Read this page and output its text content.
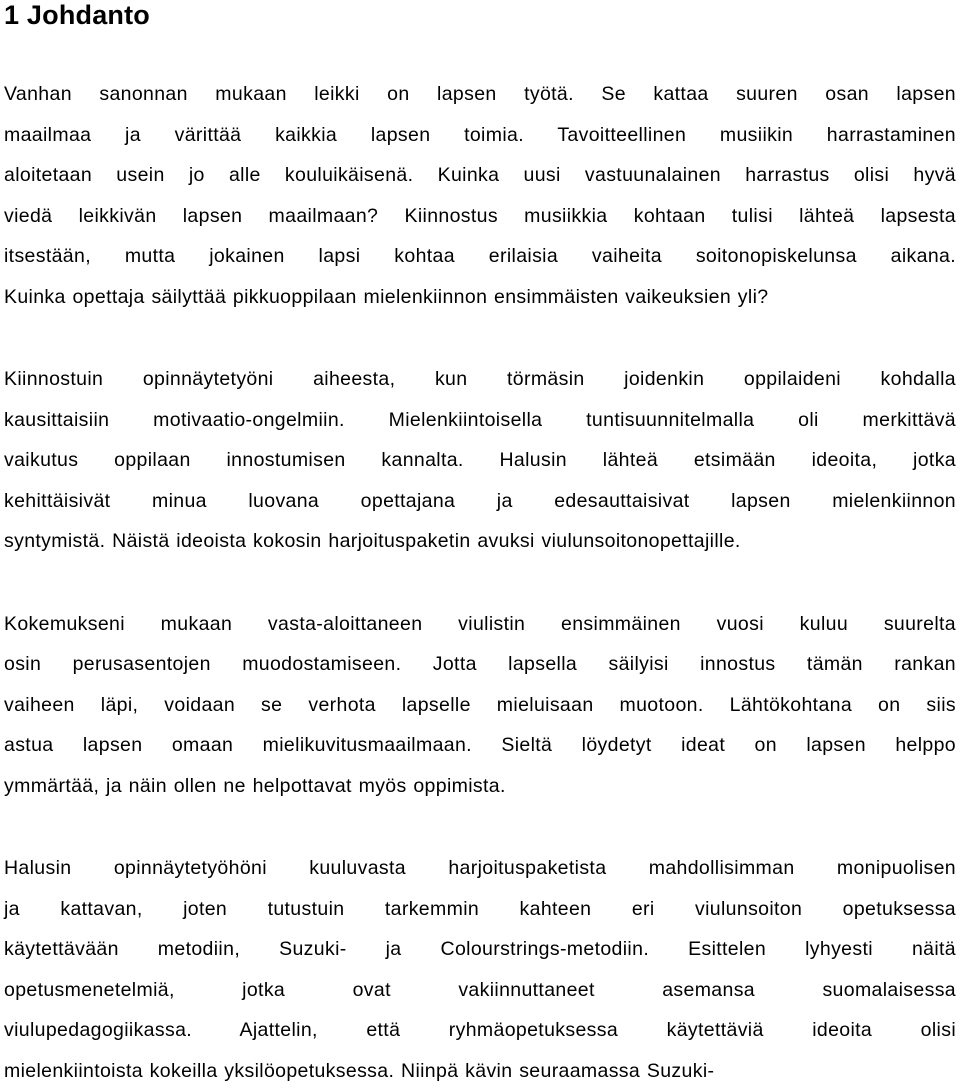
1 Johdanto

Vanhan sanonnan mukaan leikki on lapsen työtä. Se kattaa suuren osan lapsen
maailmaa ja värittää kaikkia lapsen toimia. Tavoitteellinen musiikin harrastaminen
aloitetaan usein jo alle kouluikäisenä. Kuinka uusi vastuunalainen harrastus olisi hyvä
viedä leikkivän lapsen maailmaan? Kiinnostus musiikkia kohtaan tulisi lähteä lapsesta
itsestään, mutta jokainen lapsi kohtaa erilaisia vaiheita soitonopiskelunsa aikana.
Kuinka opettaja säilyttää pikkuoppilaan mielenkiinnon ensimmäisten vaikeuksien yli?

Kiinnostuin opinnäytetyöni aiheesta, kun törmäsin joidenkin oppilaideni kohdalla
kausittaisiin motivaatio-ongelmiin. Mielenkiintoisella tuntisuunnitelmalla oli merkittävä
vaikutus oppilaan innostumisen kannalta. Halusin lähteä etsimään ideoita, jotka
kehittäisivät minua luovana opettajana ja edesauttaisivat lapsen mielenkiinnon
syntymistä. Näistä ideoista kokosin harjoituspaketin avuksi viulunsoitonopettajille.

Kokemukseni mukaan vasta-aloittaneen viulistin ensimmäinen vuosi kuluu suurelta
osin perusasentojen muodostamiseen. Jotta lapsella säilyisi innostus tämän rankan
vaiheen läpi, voidaan se verhota lapselle mieluisaan muotoon. Lähtökohtana on siis
astua lapsen omaan mielikuvitusmaailmaan. Sieltä löydetyt ideat on lapsen helppo
ymmärtää, ja näin ollen ne helpottavat myös oppimista.

Halusin opinnäytetyöhöni kuuluvasta harjoituspaketista mahdollisimman monipuolisen
ja kattavan, joten tutustuin tarkemmin kahteen eri viulunsoiton opetuksessa
käytettävään metodiin, Suzuki- ja Colourstrings-metodiin. Esittelen lyhyesti näitä
opetusmenetelmiä, jotka ovat vakiinnuttaneet asemansa suomalaisessa
viulupedagogiikassa. Ajattelin, että ryhmäopetuksessa käytettäviä ideoita olisi
mielenkiintoista kokeilla yksilöopetuksessa. Niinpä kävin seuraamassa Suzuki-
